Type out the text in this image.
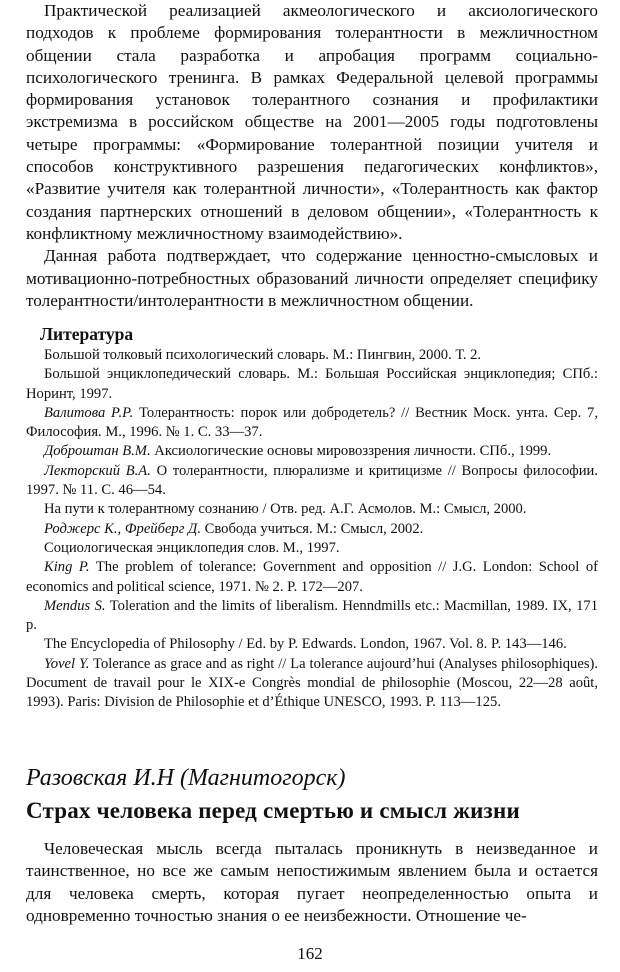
Практической реализацией акмеологического и аксиологического подходов к проблеме формирования толерантности в межличностном общении стала разработка и апробация программ социально-психологического тренинга. В рамках Федеральной целевой программы формирования установок толерантного сознания и профилактики экстремизма в российском обществе на 2001—2005 годы подготовлены четыре программы: «Формирование толерантной позиции учителя и способов конструктивного разрешения педагогических конфликтов», «Развитие учителя как толерантной личности», «Толерантность как фактор создания партнерских отношений в деловом общении», «Толерантность к конфликтному межличностному взаимодействию».

Данная работа подтверждает, что содержание ценностно-смысловых и мотивационно-потребностных образований личности определяет специфику толерантности/интолерантности в межличностном общении.

Литература

Большой толковый психологический словарь. М.: Пингвин, 2000. Т. 2.

Большой энциклопедический словарь. М.: Большая Российская энциклопедия; СПб.: Норинт, 1997.

Валитова Р.Р. Толерантность: порок или добродетель? // Вестник Моск. унта. Сер. 7, Философия. М., 1996. № 1. С. 33—37.

Доброштан В.М. Аксиологические основы мировоззрения личности. СПб., 1999.

Лекторский В.А. О толерантности, плюрализме и критицизме // Вопросы философии. 1997. № 11. С. 46—54.

На пути к толерантному сознанию / Отв. ред. А.Г. Асмолов. М.: Смысл, 2000.

Роджерс К., Фрейберг Д. Свобода учиться. М.: Смысл, 2002.

Социологическая энциклопедия слов. М., 1997.

King P. The problem of tolerance: Government and opposition // J.G. London: School of economics and political science, 1971. № 2. P. 172—207.

Mendus S. Toleration and the limits of liberalism. Henndmills etc.: Macmillan, 1989. IX, 171 p.

The Encyclopedia of Philosophy / Ed. by P. Edwards. London, 1967. Vol. 8. P. 143—146.

Yovel Y. Tolerance as grace and as right // La tolerance aujourd’hui (Analyses philosophiques). Document de travail pour le XIX-e Congrès mondial de philosophie (Moscou, 22—28 août, 1993). Paris: Division de Philosophie et d’Éthique UNESCO, 1993. P. 113—125.

Разовская И.Н (Магнитогорск)
Страх человека перед смертью и смысл жизни

Человеческая мысль всегда пыталась проникнуть в неизведанное и таинственное, но все же самым непостижимым явлением была и остается для человека смерть, которая пугает неопределенностью опыта и одновременно точностью знания о ее неизбежности. Отношение че-

162
